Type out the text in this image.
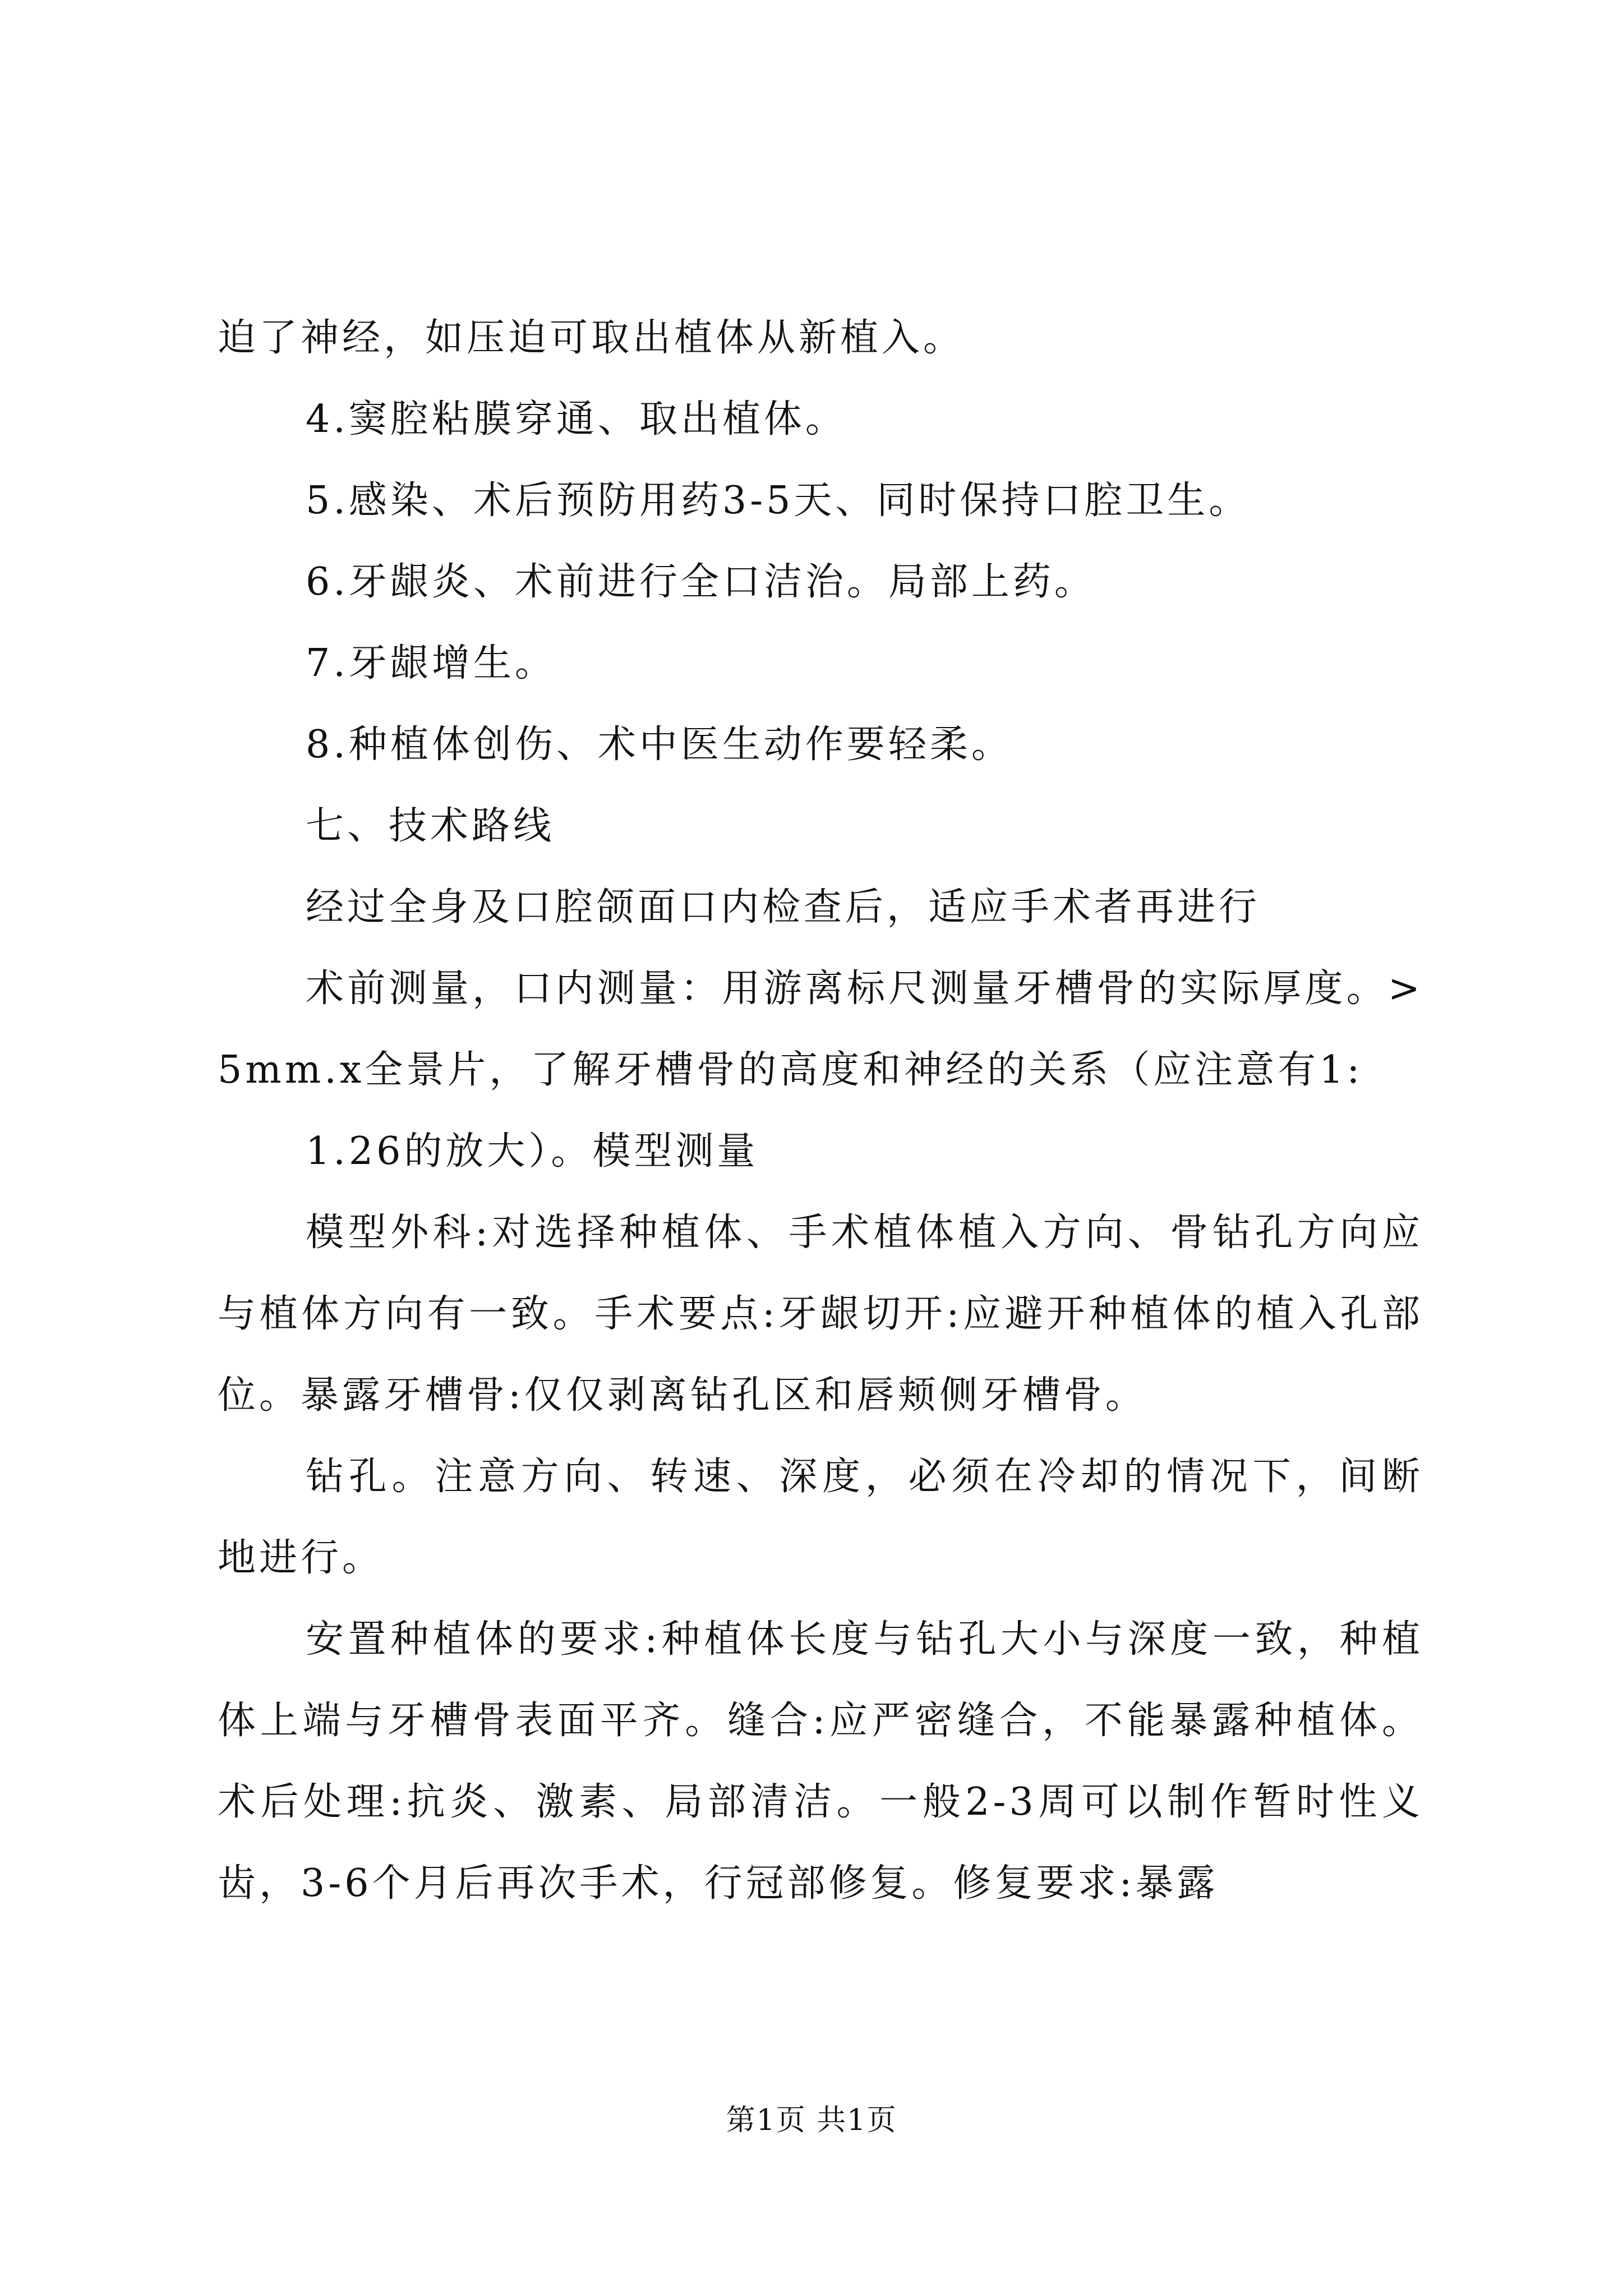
迫了神经，如压迫可取出植体从新植入。

4.窦腔粘膜穿通、取出植体。

5.感染、术后预防用药3-5天、同时保持口腔卫生。

6.牙龈炎、术前进行全口洁治。局部上药。

7.牙龈增生。

8.种植体创伤、术中医生动作要轻柔。

七、技术路线

经过全身及口腔颌面口内检查后，适应手术者再进行

术前测量，口内测量：用游离标尺测量牙槽骨的实际厚度。>5mm.x全景片，了解牙槽骨的高度和神经的关系（应注意有1:

1.26的放大）。模型测量

模型外科:对选择种植体、手术植体植入方向、骨钻孔方向应与植体方向有一致。手术要点:牙龈切开:应避开种植体的植入孔部位。暴露牙槽骨:仅仅剥离钻孔区和唇颊侧牙槽骨。

钻孔。注意方向、转速、深度，必须在冷却的情况下，间断地进行。

安置种植体的要求:种植体长度与钻孔大小与深度一致，种植体上端与牙槽骨表面平齐。缝合:应严密缝合，不能暴露种植体。术后处理:抗炎、激素、局部清洁。一般2-3周可以制作暂时性义齿，3-6个月后再次手术，行冠部修复。修复要求:暴露

第1页 共1页
